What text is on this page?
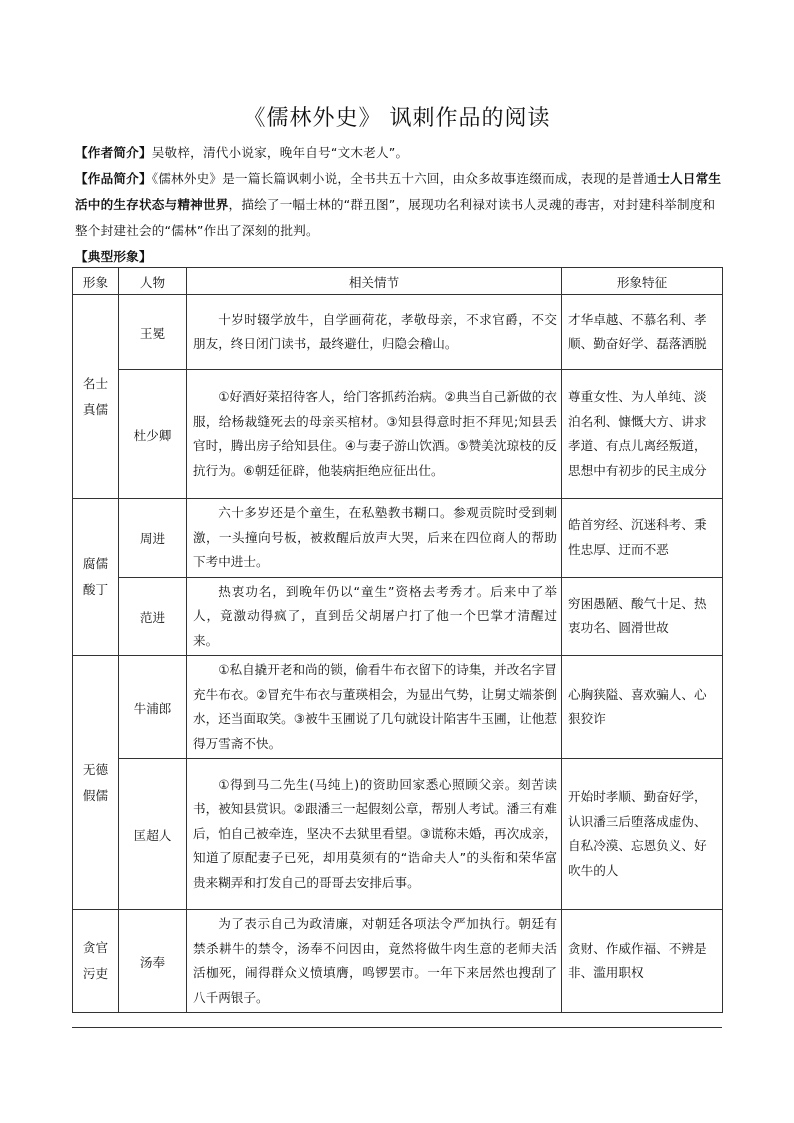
《儒林外史》 讽刺作品的阅读
【作者简介】吴敬梓，清代小说家，晚年自号“文木老人”。
【作品简介】《儒林外史》是一篇长篇讽刺小说，全书共五十六回，由众多故事连缀而成，表现的是普通士人日常生活中的生存状态与精神世界，描绘了一幅士林的“群丑图”，展现功名利禄对读书人灵魂的毒害，对封建科举制度和整个封建社会的“儒林”作出了深刻的批判。
【典型形象】
形象	人物	相关情节	形象特征
名士真儒	王冕	十岁时辍学放牛，自学画荷花，孝敬母亲，不求官爵，不交朋友，终日闭门读书，最终避仕，归隐会稽山。	才华卓越、不慕名利、孝顺、勤奋好学、磊落洒脱
	杜少卿	①好酒好菜招待客人，给门客抓药治病。②典当自己新做的衣服，给杨裁缝死去的母亲买棺材。③知县得意时拒不拜见;知县丢官时，腾出房子给知县住。④与妻子游山饮酒。⑤赞美沈琼枝的反抗行为。⑥朝廷征辟，他装病拒绝应征出仕。	尊重女性、为人单纯、淡泊名利、慷慨大方、讲求孝道、有点儿离经叛道，思想中有初步的民主成分
腐儒酸丁	周进	六十多岁还是个童生，在私塾教书糊口。参观贡院时受到刺激，一头撞向号板，被救醒后放声大哭，后来在四位商人的帮助下考中进士。	皓首穷经、沉迷科考、秉性忠厚、迂而不恶
	范进	热衷功名，到晚年仍以“童生”资格去考秀才。后来中了举人，竟激动得疯了，直到岳父胡屠户打了他一个巴掌才清醒过来。	穷困愚陋、酸气十足、热衷功名、圆滑世故
无德假儒	牛浦郎	①私自撬开老和尚的锁，偷看牛布衣留下的诗集，并改名字冒充牛布衣。②冒充牛布衣与董瑛相会，为显出气势，让舅丈端茶倒水，还当面取笑。③被牛玉圃说了几句就设计陷害牛玉圃，让他惹得万雪斋不快。	心胸狭隘、喜欢骗人、心狠狡诈
	匡超人	①得到马二先生(马纯上)的资助回家悉心照顾父亲。刻苦读书，被知县赏识。②跟潘三一起假刻公章，帮别人考试。潘三有难后，怕自己被牵连，坚决不去狱里看望。③谎称未婚，再次成亲，知道了原配妻子已死，却用莫须有的“诰命夫人”的头衔和荣华富贵来糊弄和打发自己的哥哥去安排后事。	开始时孝顺、勤奋好学，认识潘三后堕落成虚伪、自私冷漠、忘恩负义、好吹牛的人
贪官污吏	汤奉	为了表示自己为政清廉，对朝廷各项法令严加执行。朝廷有禁杀耕牛的禁令，汤奉不问因由，竟然将做牛肉生意的老师夫活活枷死，闹得群众义愤填膺，鸣锣罢市。一年下来居然也搜刮了八千两银子。	贪财、作威作福、不辨是非、滥用职权
